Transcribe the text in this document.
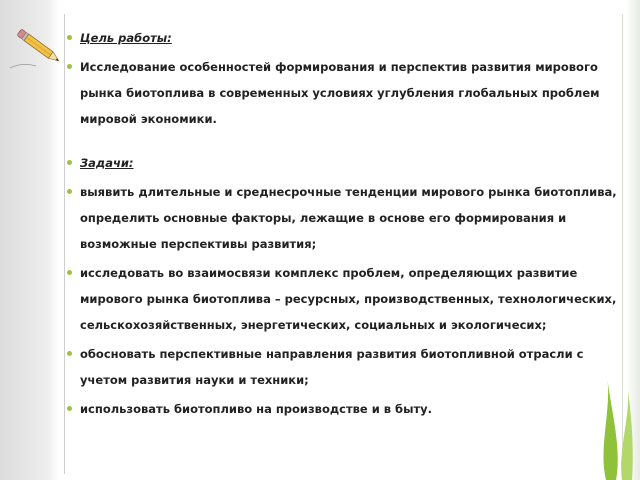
Цель работы:
Исследование особенностей формирования и перспектив развития мирового рынка биотоплива в современных условиях углубления глобальных проблем мировой экономики.
Задачи:
выявить длительные и среднесрочные тенденции мирового рынка биотоплива, определить основные факторы, лежащие в основе его формирования и возможные перспективы развития;
исследовать во взаимосвязи комплекс проблем, определяющих развитие мирового рынка биотоплива – ресурсных, производственных, технологических, сельскохозяйственных, энергетических, социальных и экологичесих;
обосновать перспективные направления развития биотопливной отрасли с учетом развития науки и техники;
использовать биотопливо на производстве и в быту.
